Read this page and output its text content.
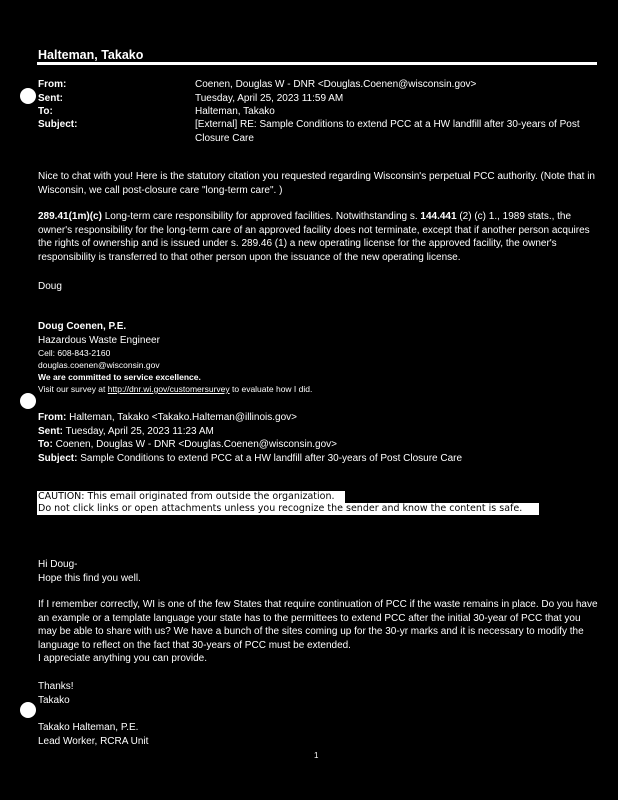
Halteman, Takako
From:	Coenen, Douglas W - DNR <Douglas.Coenen@wisconsin.gov>
Sent:	Tuesday, April 25, 2023 11:59 AM
To:	Halteman, Takako
Subject:	[External] RE: Sample Conditions to extend PCC at a HW landfill after 30-years of Post Closure Care
Nice to chat with you! Here is the statutory citation you requested regarding Wisconsin's perpetual PCC authority. (Note that in Wisconsin, we call post-closure care "long-term care". )
289.41(1m)(c) Long-term care responsibility for approved facilities. Notwithstanding s. 144.441 (2) (c) 1., 1989 stats., the owner's responsibility for the long-term care of an approved facility does not terminate, except that if another person acquires the rights of ownership and is issued under s. 289.46 (1) a new operating license for the approved facility, the owner's responsibility is transferred to that other person upon the issuance of the new operating license.
Doug
Doug Coenen, P.E.
Hazardous Waste Engineer
Cell: 608-843-2160
douglas.coenen@wisconsin.gov
We are committed to service excellence.
Visit our survey at http://dnr.wi.gov/customersurvey to evaluate how I did.
From: Halteman, Takako <Takako.Halteman@illinois.gov>
Sent: Tuesday, April 25, 2023 11:23 AM
To: Coenen, Douglas W - DNR <Douglas.Coenen@wisconsin.gov>
Subject: Sample Conditions to extend PCC at a HW landfill after 30-years of Post Closure Care
CAUTION: This email originated from outside the organization.
Do not click links or open attachments unless you recognize the sender and know the content is safe.
Hi Doug-
Hope this find you well.
If I remember correctly, WI is one of the few States that require continuation of PCC if the waste remains in place. Do you have an example or a template language your state has to the permittees to extend PCC after the initial 30-year of PCC that you may be able to share with us? We have a bunch of the sites coming up for the 30-yr marks and it is necessary to modify the language to reflect on the fact that 30-years of PCC must be extended.
I appreciate anything you can provide.
Thanks!
Takako
Takako Halteman, P.E.
Lead Worker, RCRA Unit
1
